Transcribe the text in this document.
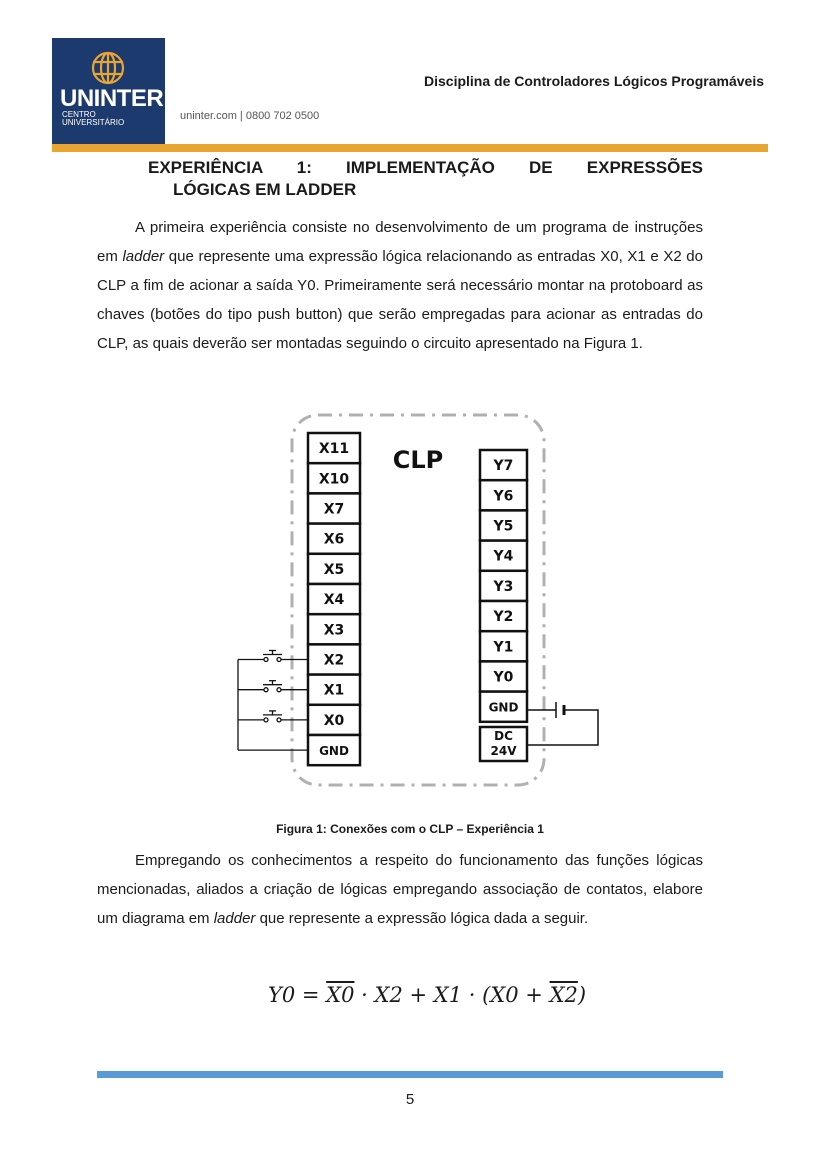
UNINTER
CENTRO
UNIVERSITÁRIO
uninter.com | 0800 702 0500
Disciplina de Controladores Lógicos Programáveis
EXPERIÊNCIA 1: IMPLEMENTAÇÃO DE EXPRESSÕES
LÓGICAS EM LADDER
A primeira experiência consiste no desenvolvimento de um programa de instruções em ladder que represente uma expressão lógica relacionando as entradas X0, X1 e X2 do CLP a fim de acionar a saída Y0. Primeiramente será necessário montar na protoboard as chaves (botões do tipo push button) que serão empregadas para acionar as entradas do CLP, as quais deverão ser montadas seguindo o circuito apresentado na Figura 1.
CLP
X11
X10
X7
X6
X5
X4
X3
X2
X1
X0
GND
Y7
Y6
Y5
Y4
Y3
Y2
Y1
Y0
GND
DC
24V
Figura 1: Conexões com o CLP – Experiência 1
Empregando os conhecimentos a respeito do funcionamento das funções lógicas mencionadas, aliados a criação de lógicas empregando associação de contatos, elabore um diagrama em ladder que represente a expressão lógica dada a seguir.
Y0 = X0 · X2 + X1 · (X0 + X2)
5
